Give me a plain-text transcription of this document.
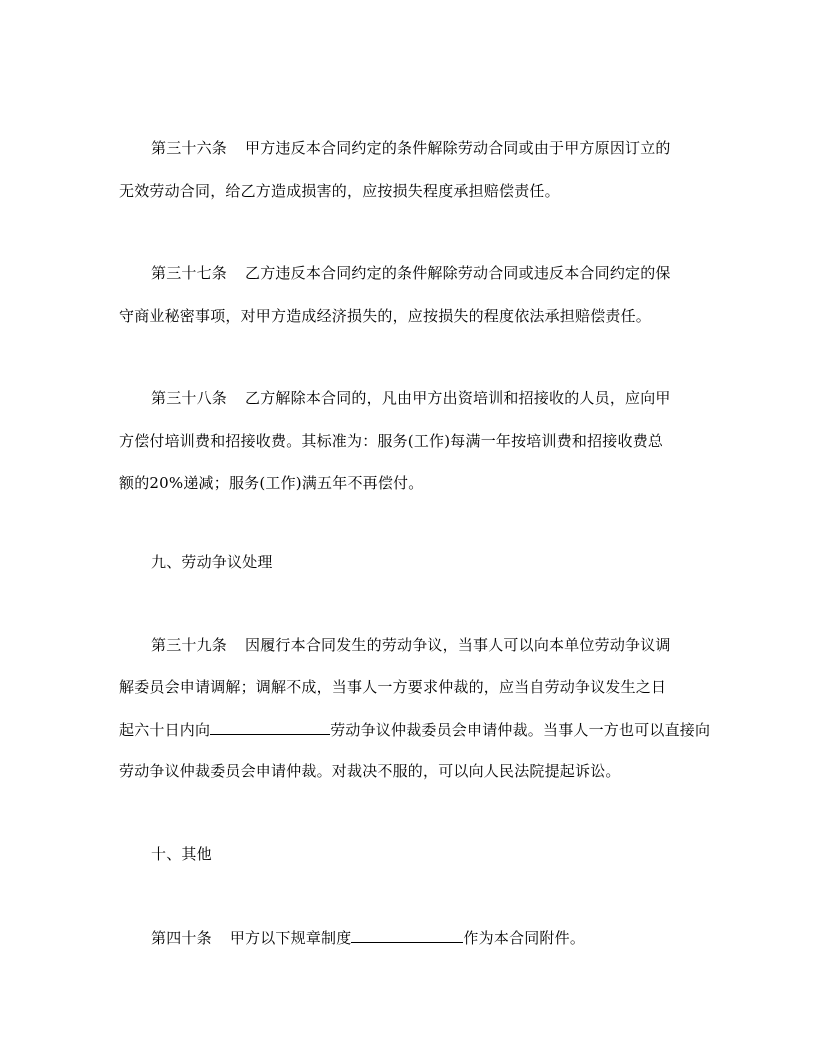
第三十六条 甲方违反本合同约定的条件解除劳动合同或由于甲方原因订立的
无效劳动合同，给乙方造成损害的，应按损失程度承担赔偿责任。
第三十七条 乙方违反本合同约定的条件解除劳动合同或违反本合同约定的保
守商业秘密事项，对甲方造成经济损失的，应按损失的程度依法承担赔偿责任。
第三十八条 乙方解除本合同的，凡由甲方出资培训和招接收的人员，应向甲
方偿付培训费和招接收费。其标准为：服务(工作)每满一年按培训费和招接收费总
额的20%递减；服务(工作)满五年不再偿付。
九、劳动争议处理
第三十九条 因履行本合同发生的劳动争议，当事人可以向本单位劳动争议调
解委员会申请调解；调解不成，当事人一方要求仲裁的，应当自劳动争议发生之日
起六十日内向	劳动争议仲裁委员会申请仲裁。当事人一方也可以直接向
劳动争议仲裁委员会申请仲裁。对裁决不服的，可以向人民法院提起诉讼。
十、其他
第四十条 甲方以下规章制度	作为本合同附件。
